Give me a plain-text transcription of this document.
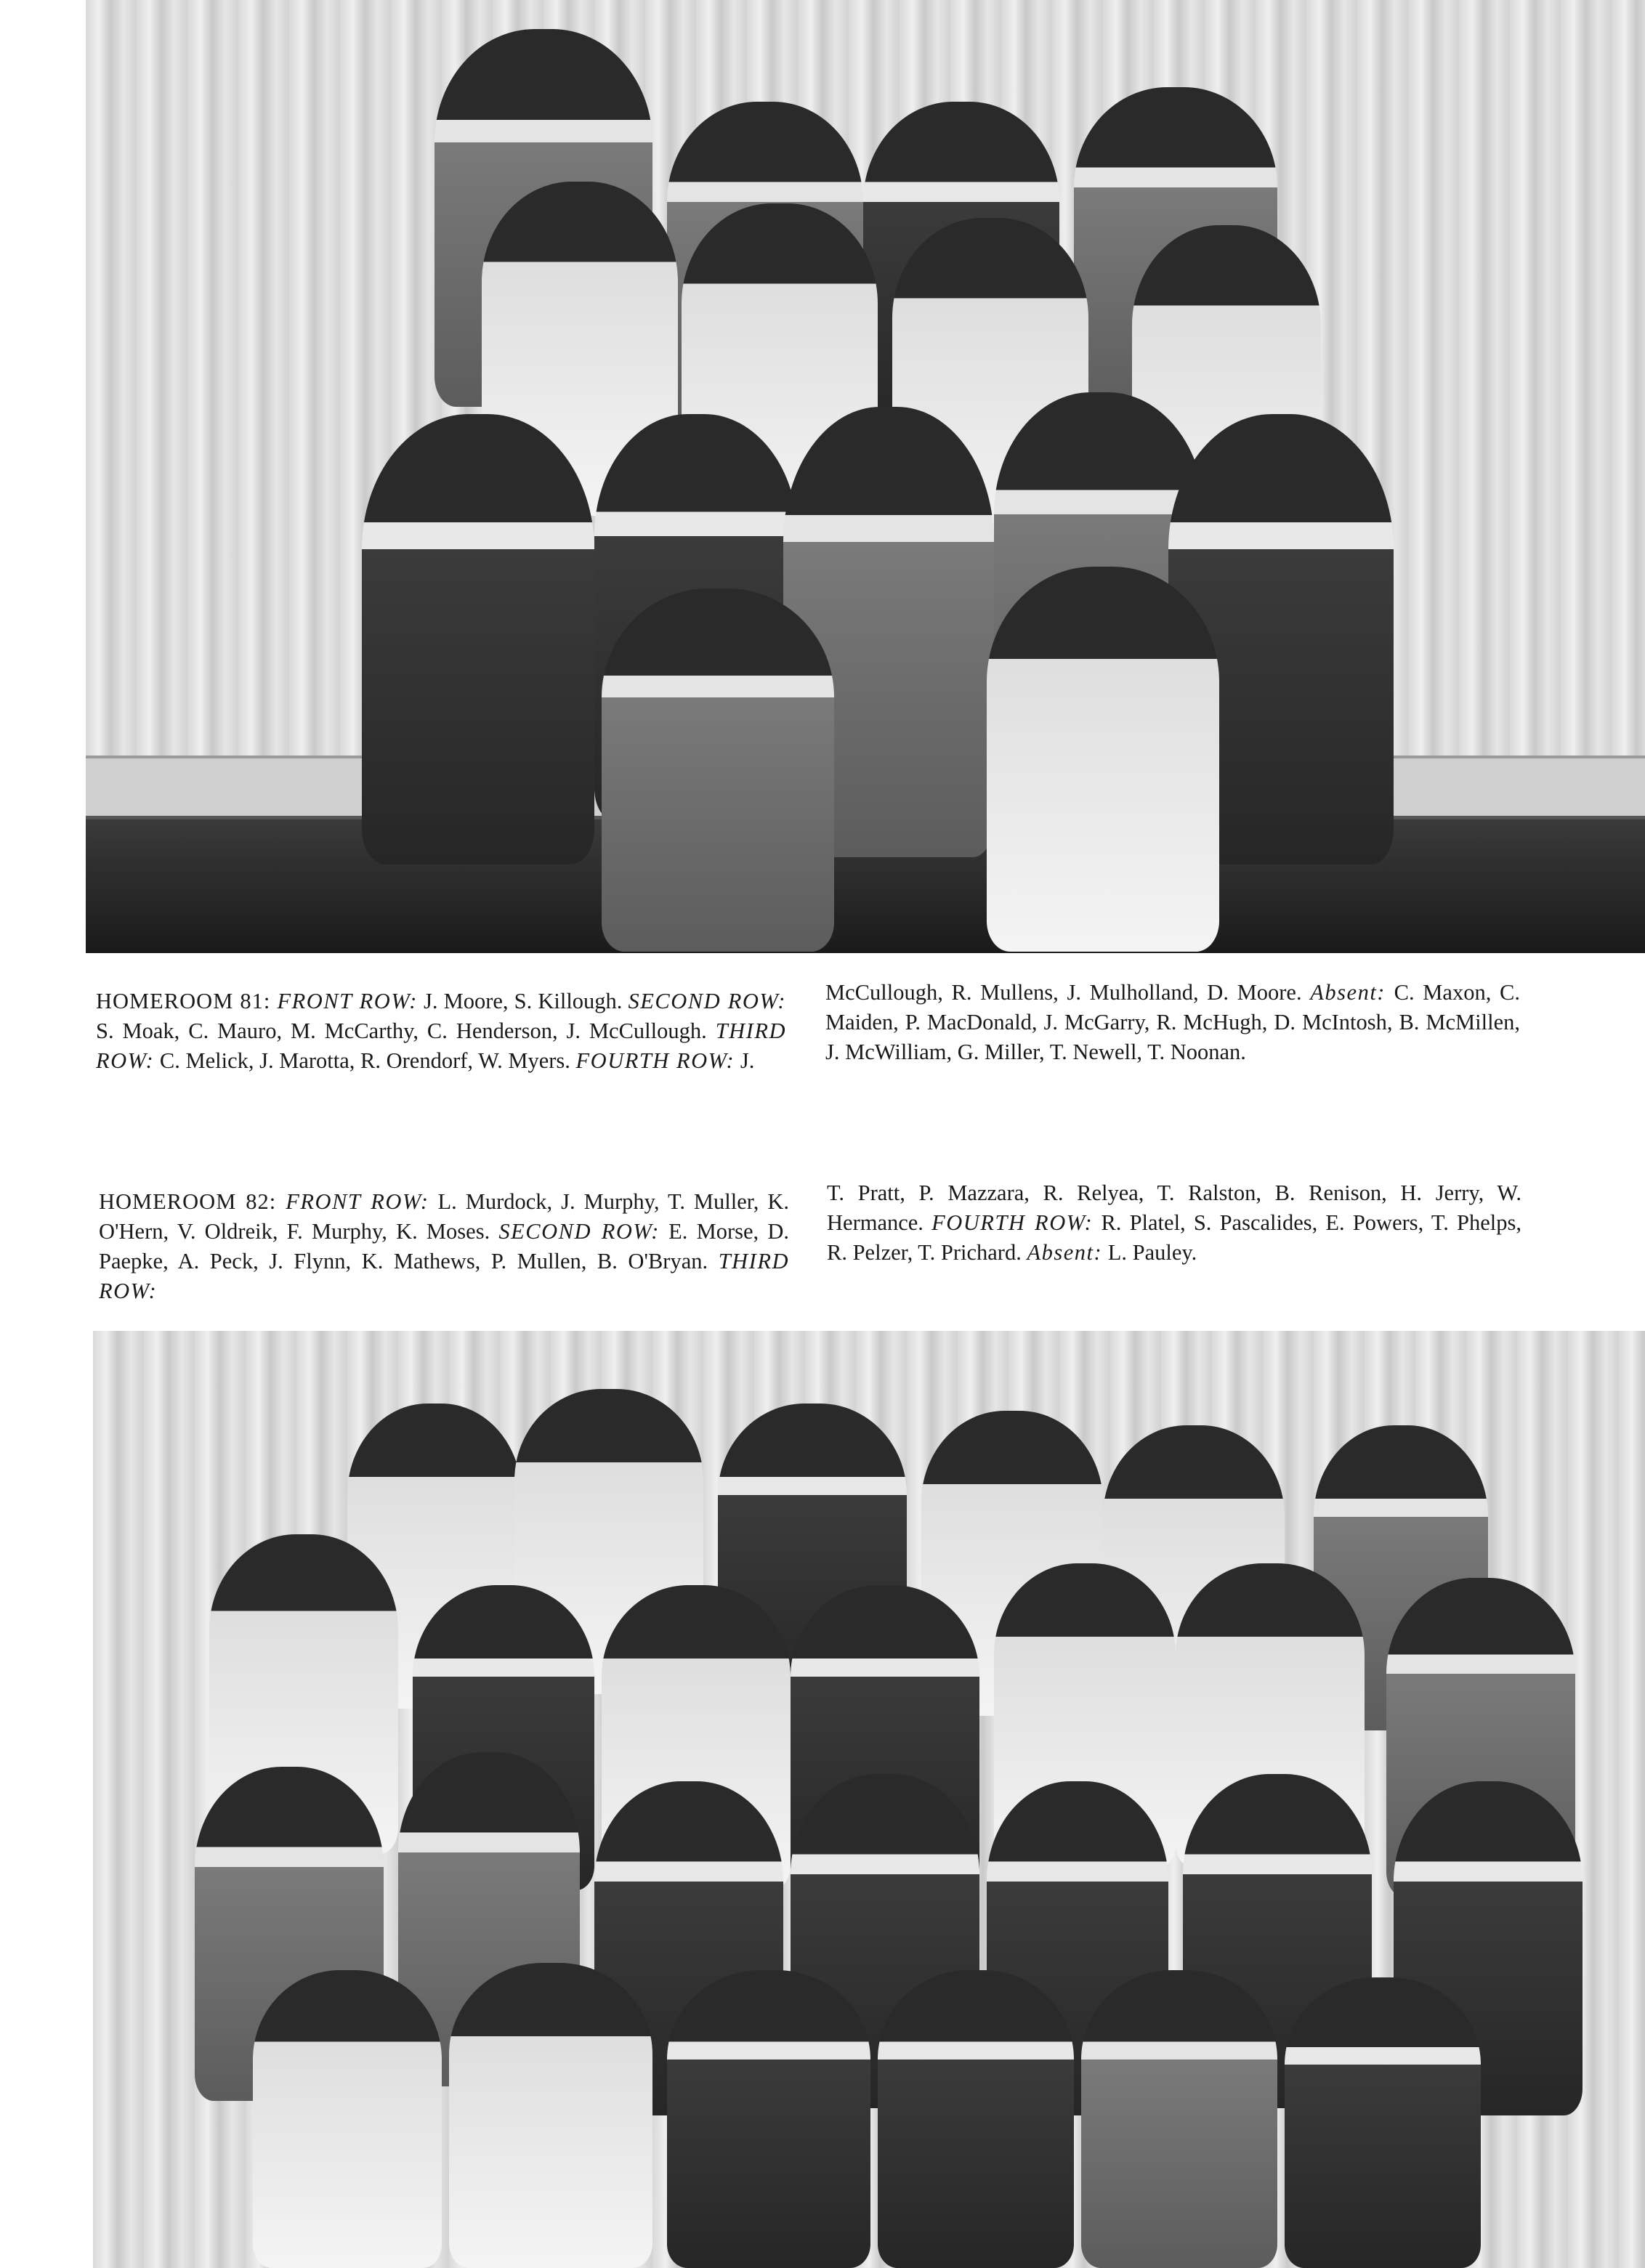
HOMEROOM 81: FRONT ROW: J. Moore, S. Killough. SECOND ROW: S. Moak, C. Mauro, M. McCarthy, C. Henderson, J. McCullough. THIRD ROW: C. Melick, J. Marotta, R. Orendorf, W. Myers. FOURTH ROW: J.

McCullough, R. Mullens, J. Mulholland, D. Moore. Absent: C. Maxon, C. Maiden, P. MacDonald, J. McGarry, R. McHugh, D. McIntosh, B. McMillen, J. McWilliam, G. Miller, T. Newell, T. Noonan.

HOMEROOM 82: FRONT ROW: L. Murdock, J. Murphy, T. Muller, K. O'Hern, V. Oldreik, F. Murphy, K. Moses. SECOND ROW: E. Morse, D. Paepke, A. Peck, J. Flynn, K. Mathews, P. Mullen, B. O'Bryan. THIRD ROW:

T. Pratt, P. Mazzara, R. Relyea, T. Ralston, B. Renison, H. Jerry, W. Hermance. FOURTH ROW: R. Platel, S. Pascalides, E. Powers, T. Phelps, R. Pelzer, T. Prichard. Absent: L. Pauley.
